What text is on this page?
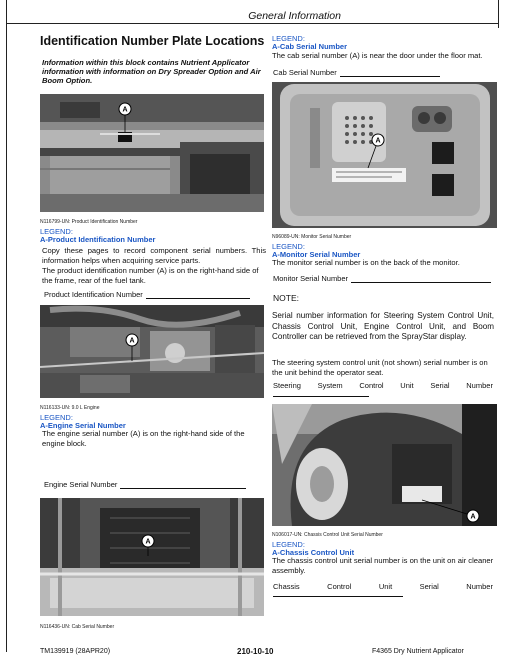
General Information
Identification Number Plate Locations
Information within this block contains Nutrient Applicator information with information on Dry Spreader Option and Air Boom Option.
A
N116799-UN: Product Identification Number
LEGEND:
A-Product Identification Number
Copy these pages to record component serial numbers. This information helps when acquiring service parts.
The product identification number (A) is on the right-hand side of the frame, rear of the fuel tank.
Product Identification Number
A
N116133-UN: 9.0 L Engine
LEGEND:
A-Engine Serial Number
The engine serial number (A) is on the right-hand side of the engine block.
Engine Serial Number
A
N116436-UN: Cab Serial Number
LEGEND:
A-Cab Serial Number
The cab serial number (A) is near the door under the floor mat.
Cab Serial Number
A
N96089-UN: Monitor Serial Number
LEGEND:
A-Monitor Serial Number
The monitor serial number is on the back of the monitor.
Monitor Serial Number
NOTE:
Serial number information for Steering System Control Unit, Chassis Control Unit, Engine Control Unit, and Boom Controller can be retrieved from the SprayStar display.
The steering system control unit (not shown) serial number is on the unit behind the operator seat.
Steering System Control Unit Serial Number
A
N106017-UN: Chassis Control Unit Serial Number
LEGEND:
A-Chassis Control Unit
The chassis control unit serial number is on the unit on air cleaner assembly.
Chassis	Control	Unit	Serial	Number
TM139919 (28APR20)	210-10-10	F4365 Dry Nutrient Applicator
